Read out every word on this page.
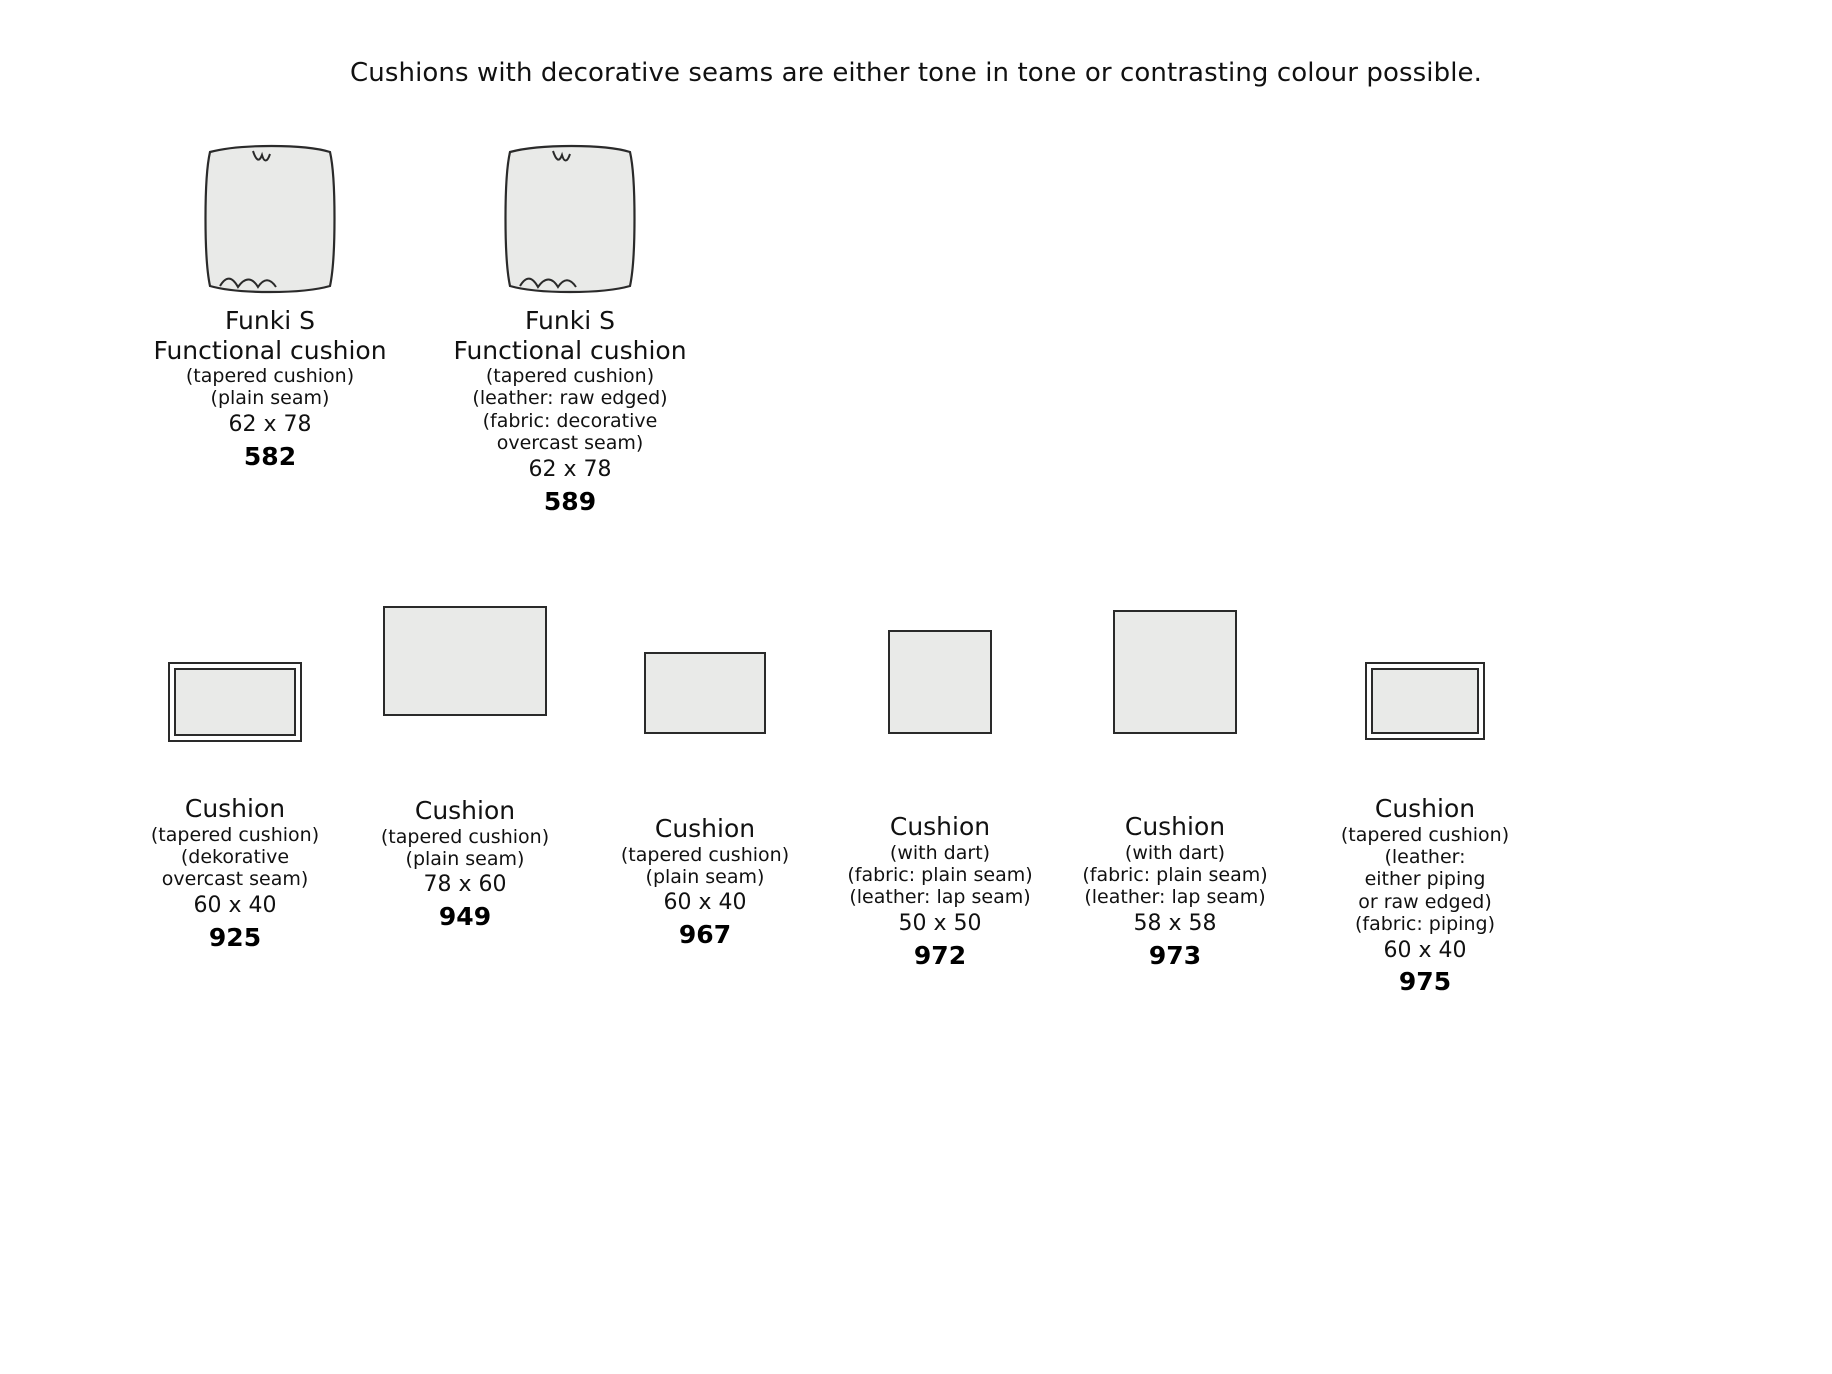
Cushions with decorative seams are either tone in tone or contrasting colour possible.
Funki S
Functional cushion
(tapered cushion)
(plain seam)
62 x 78
582
Funki S
Functional cushion
(tapered cushion)
(leather: raw edged)
(fabric: decorative
overcast seam)
62 x 78
589
Cushion
(tapered cushion)
(dekorative
overcast seam)
60 x 40
925
Cushion
(tapered cushion)
(plain seam)
78 x 60
949
Cushion
(tapered cushion)
(plain seam)
60 x 40
967
Cushion
(with dart)
(fabric: plain seam)
(leather: lap seam)
50 x 50
972
Cushion
(with dart)
(fabric: plain seam)
(leather: lap seam)
58 x 58
973
Cushion
(tapered cushion)
(leather:
either piping
or raw edged)
(fabric: piping)
60 x 40
975
